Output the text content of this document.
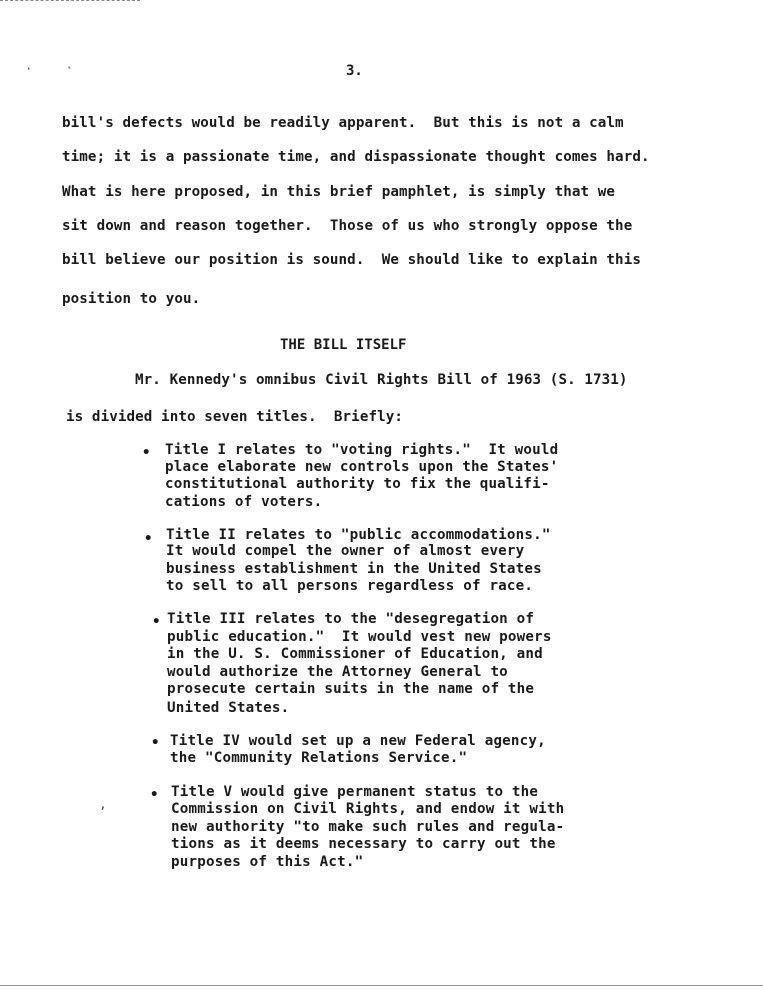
·	˛
ʼ
3.
bill's defects would be readily apparent.  But this is not a calm
time; it is a passionate time, and dispassionate thought comes hard.
What is here proposed, in this brief pamphlet, is simply that we
sit down and reason together.  Those of us who strongly oppose the
bill believe our position is sound.  We should like to explain this
position to you.
THE BILL ITSELF
Mr. Kennedy's omnibus Civil Rights Bill of 1963 (S. 1731)
is divided into seven titles.  Briefly:
• Title I relates to "voting rights."  It would
place elaborate new controls upon the States'
constitutional authority to fix the qualifi-
cations of voters.
• Title II relates to "public accommodations."
It would compel the owner of almost every
business establishment in the United States
to sell to all persons regardless of race.
• Title III relates to the "desegregation of
public education."  It would vest new powers
in the U. S. Commissioner of Education, and
would authorize the Attorney General to
prosecute certain suits in the name of the
United States.
• Title IV would set up a new Federal agency,
the "Community Relations Service."
• Title V would give permanent status to the
Commission on Civil Rights, and endow it with
new authority "to make such rules and regula-
tions as it deems necessary to carry out the
purposes of this Act."
